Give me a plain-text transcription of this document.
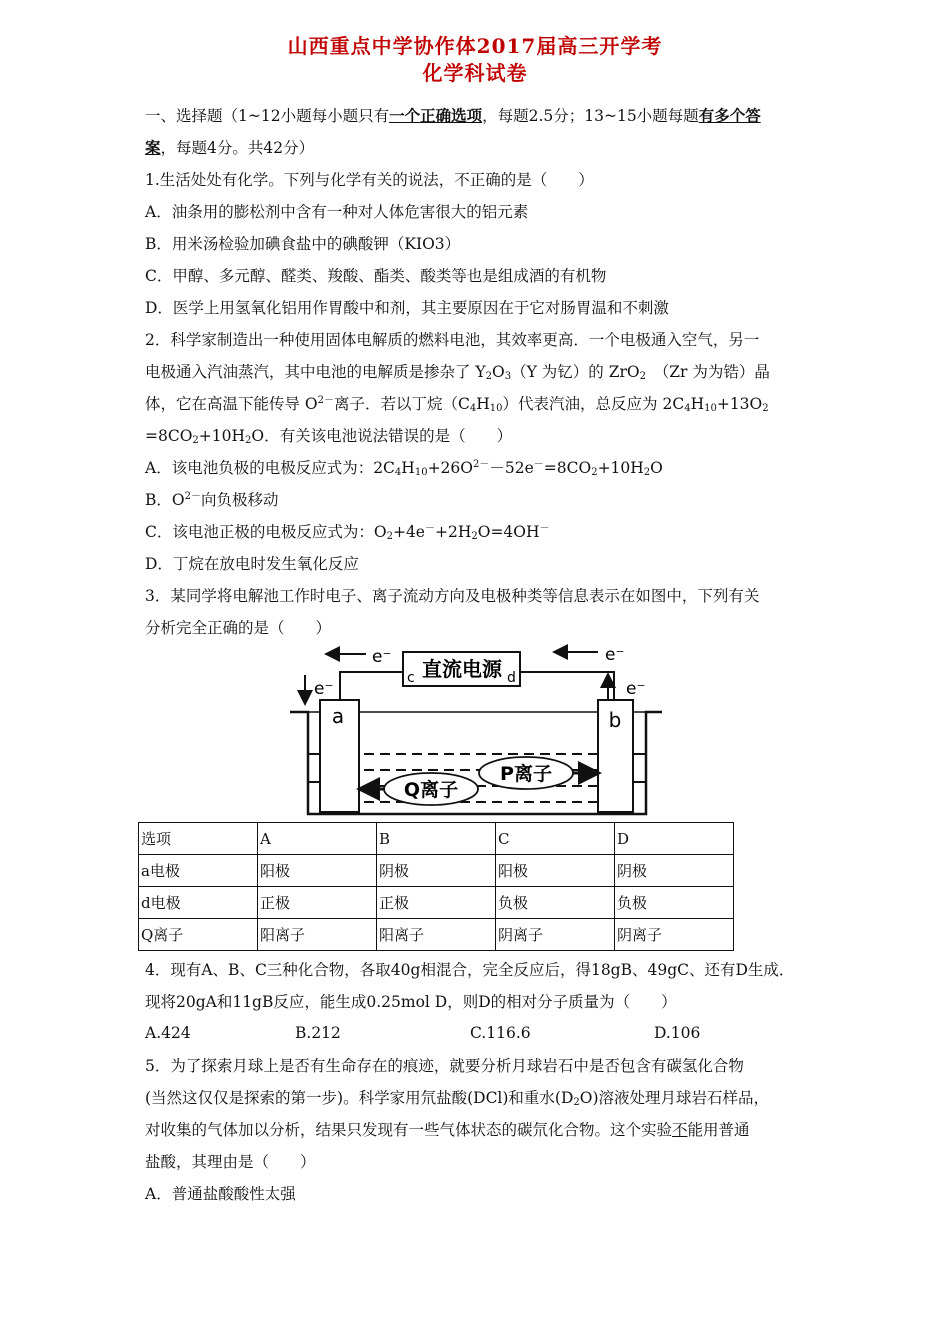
山西重点中学协作体2017届高三开学考
化学科试卷
一、选择题（1~12小题每小题只有一个正确选项，每题2.5分；13~15小题每题有多个答
案，每题4分。共42分）
1.生活处处有化学。下列与化学有关的说法，不正确的是（　　）
A．油条用的膨松剂中含有一种对人体危害很大的铝元素
B．用米汤检验加碘食盐中的碘酸钾（KIO3）
C．甲醇、多元醇、醛类、羧酸、酯类、酸类等也是组成酒的有机物
D．医学上用氢氧化铝用作胃酸中和剂，其主要原因在于它对肠胃温和不刺激
2．科学家制造出一种使用固体电解质的燃料电池，其效率更高．一个电极通入空气，另一
电极通入汽油蒸汽，其中电池的电解质是掺杂了 $Y_2O_3(Y$ 为钇）的 ZrO$_2$　（Zr 为为锆）晶
体，它在高温下能传导 $O^{2-}$离子．若以丁烷$(C_4H_{10})$代表汽油，总反应为 $2C_4H_{10}+13O_2$
$=8CO_2+10H_2O$．有关该电池说法错误的是（　　）
A．该电池负极的电极反应式为：$2C_4H_{10}+26O^{2-}-52e^-=8CO_2+10H_2O$
B．$O^{2-}$向负极移动
C．该电池正极的电极反应式为：$O_2+4e^-+2H_2O=4OH^-$
D．丁烷在放电时发生氧化反应
3．某同学将电解池工作时电子、离子流动方向及电极种类等信息表示在如图中，下列有关
分析完全正确的是（　　）
直流电源
c	d
e⁻	e⁻
e⁻	e⁻
a	b
P离子
Q离子
选项	A	B	C	D
a电极	阳极	阴极	阳极	阴极
d电极	正极	正极	负极	负极
Q离子	阳离子	阳离子	阴离子	阴离子
4．现有A、B、C三种化合物，各取40g相混合，完全反应后，得18gB、49gC、还有D生成．
现将20gA和11gB反应，能生成0.25mol D，则D的相对分子质量为（　　）
A.424	B.212	C.116.6	D.106
5．为了探索月球上是否有生命存在的痕迹，就要分析月球岩石中是否包含有碳氢化合物
(当然这仅仅是探索的第一步)。科学家用氘盐酸(DCl)和重水$(D_2O)$溶液处理月球岩石样品，
对收集的气体加以分析，结果只发现有一些气体状态的碳氘化合物。这个实验不能用普通
盐酸，其理由是（　　）
A．普通盐酸酸性太强
